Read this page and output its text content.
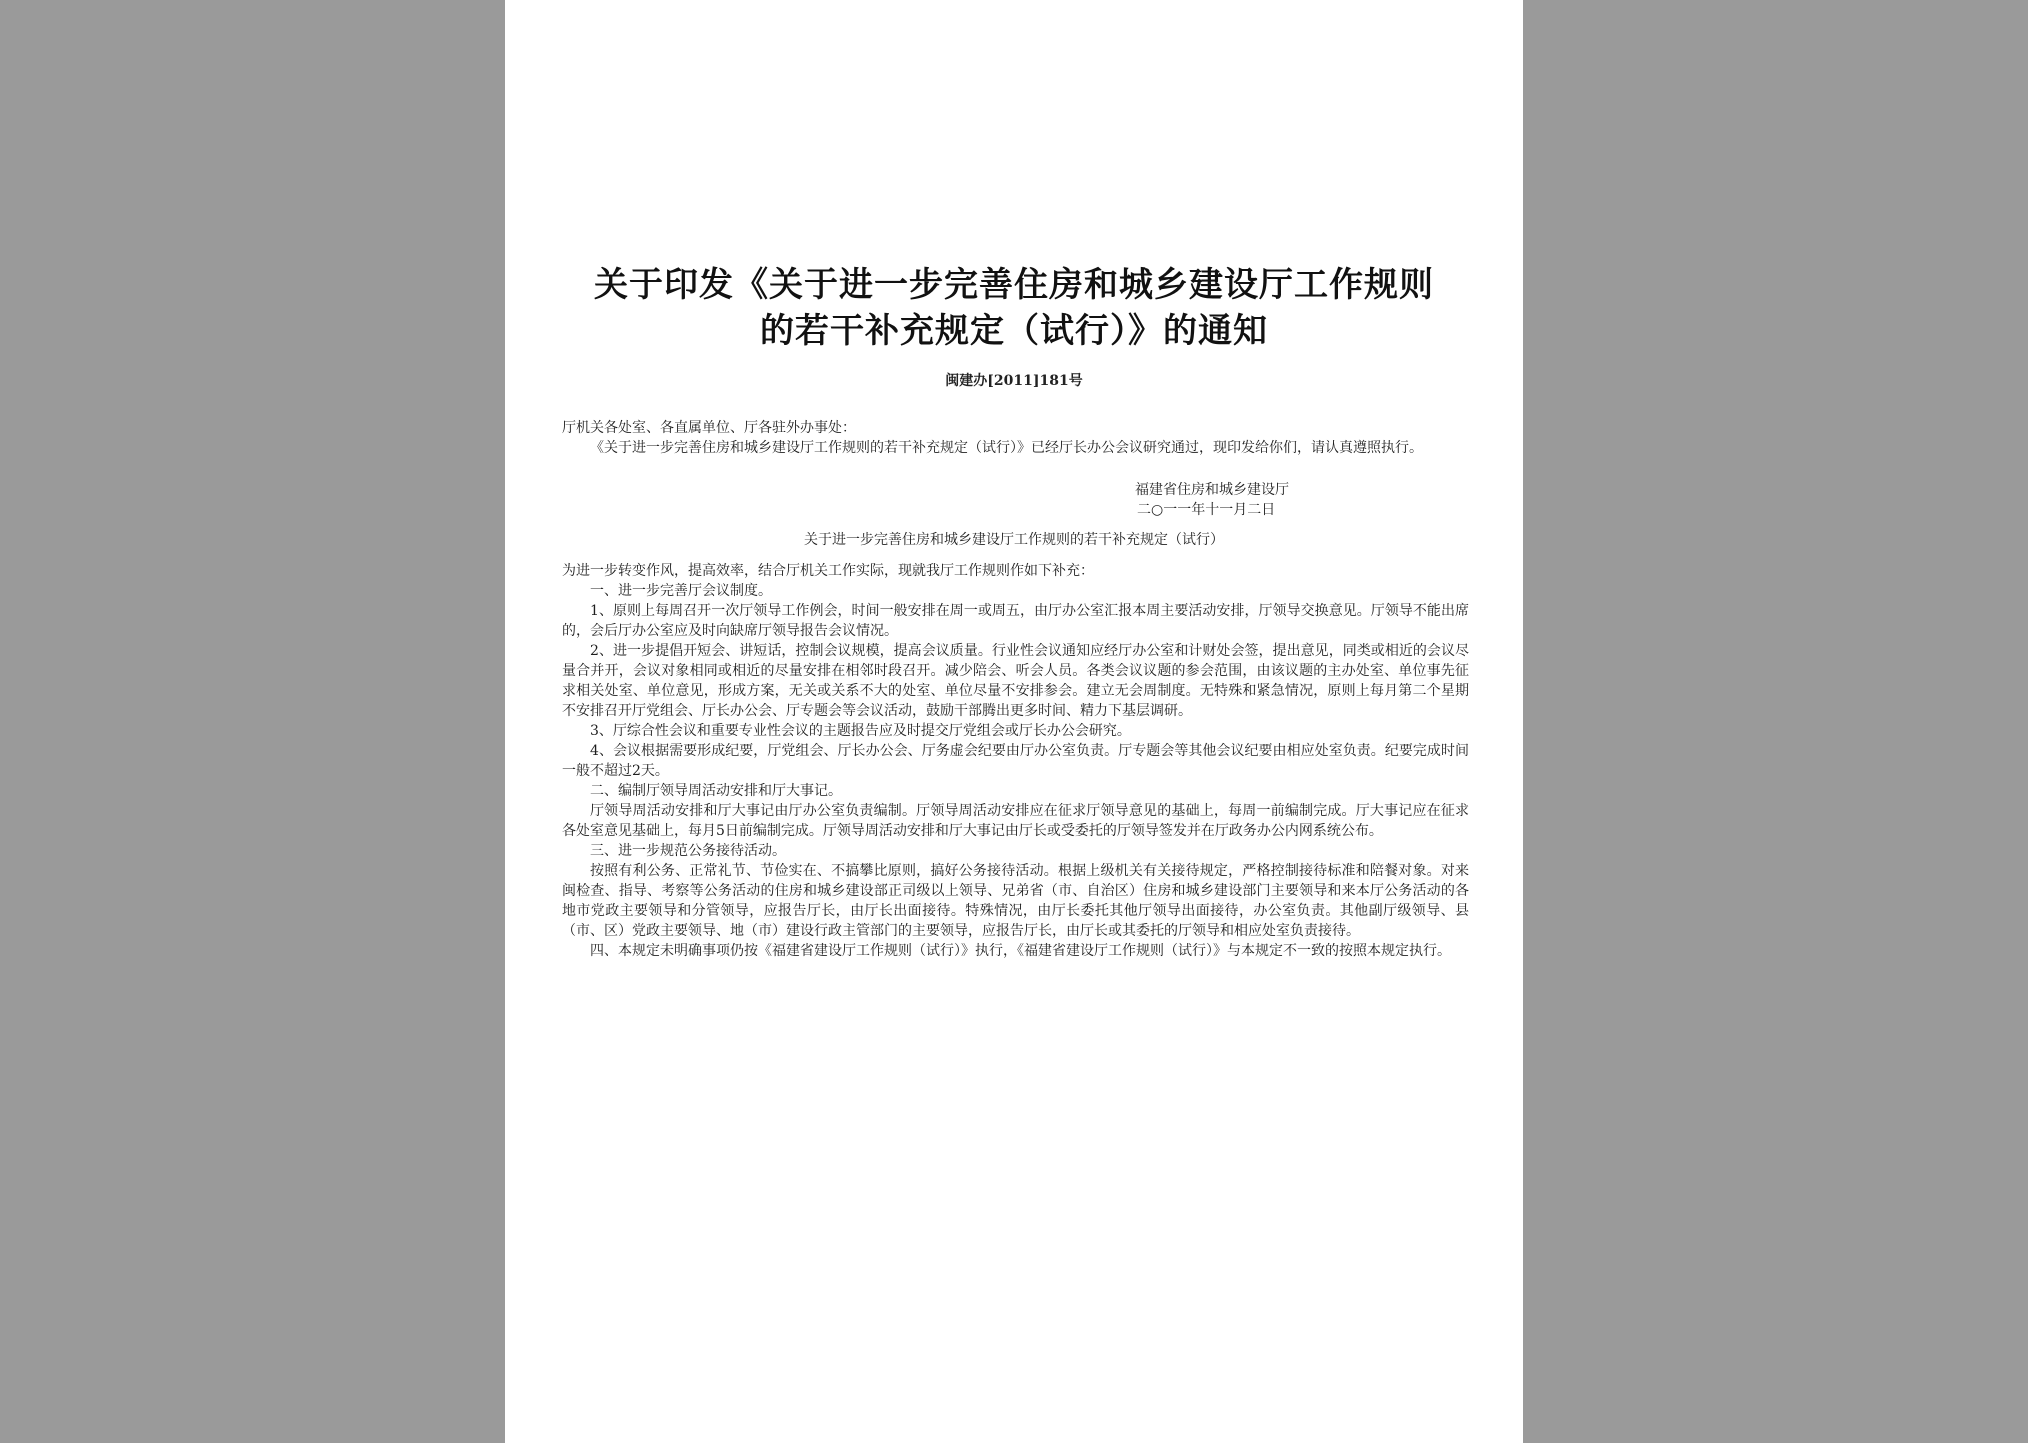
关于印发《关于进一步完善住房和城乡建设厅工作规则
的若干补充规定（试行）》的通知
闽建办[2011]181号

厅机关各处室、各直属单位、厅各驻外办事处：

《关于进一步完善住房和城乡建设厅工作规则的若干补充规定（试行）》已经厅长办公会议研究通过，现印发给你们，请认真遵照执行。

福建省住房和城乡建设厅
二○一一年十一月二日
关于进一步完善住房和城乡建设厅工作规则的若干补充规定（试行）

为进一步转变作风，提高效率，结合厅机关工作实际，现就我厅工作规则作如下补充：

一、进一步完善厅会议制度。

1、原则上每周召开一次厅领导工作例会，时间一般安排在周一或周五，由厅办公室汇报本周主要活动安排，厅领导交换意见。厅领导不能出席的，会后厅办公室应及时向缺席厅领导报告会议情况。

2、进一步提倡开短会、讲短话，控制会议规模，提高会议质量。行业性会议通知应经厅办公室和计财处会签，提出意见，同类或相近的会议尽量合并开，会议对象相同或相近的尽量安排在相邻时段召开。减少陪会、听会人员。各类会议议题的参会范围，由该议题的主办处室、单位事先征求相关处室、单位意见，形成方案，无关或关系不大的处室、单位尽量不安排参会。建立无会周制度。无特殊和紧急情况，原则上每月第二个星期不安排召开厅党组会、厅长办公会、厅专题会等会议活动，鼓励干部腾出更多时间、精力下基层调研。

3、厅综合性会议和重要专业性会议的主题报告应及时提交厅党组会或厅长办公会研究。

4、会议根据需要形成纪要，厅党组会、厅长办公会、厅务虚会纪要由厅办公室负责。厅专题会等其他会议纪要由相应处室负责。纪要完成时间一般不超过2天。

二、编制厅领导周活动安排和厅大事记。

厅领导周活动安排和厅大事记由厅办公室负责编制。厅领导周活动安排应在征求厅领导意见的基础上，每周一前编制完成。厅大事记应在征求各处室意见基础上，每月5日前编制完成。厅领导周活动安排和厅大事记由厅长或受委托的厅领导签发并在厅政务办公内网系统公布。

三、进一步规范公务接待活动。

按照有利公务、正常礼节、节俭实在、不搞攀比原则，搞好公务接待活动。根据上级机关有关接待规定，严格控制接待标准和陪餐对象。对来闽检查、指导、考察等公务活动的住房和城乡建设部正司级以上领导、兄弟省（市、自治区）住房和城乡建设部门主要领导和来本厅公务活动的各地市党政主要领导和分管领导，应报告厅长，由厅长出面接待。特殊情况，由厅长委托其他厅领导出面接待，办公室负责。其他副厅级领导、县（市、区）党政主要领导、地（市）建设行政主管部门的主要领导，应报告厅长，由厅长或其委托的厅领导和相应处室负责接待。

四、本规定未明确事项仍按《福建省建设厅工作规则（试行）》执行，《福建省建设厅工作规则（试行）》与本规定不一致的按照本规定执行。
